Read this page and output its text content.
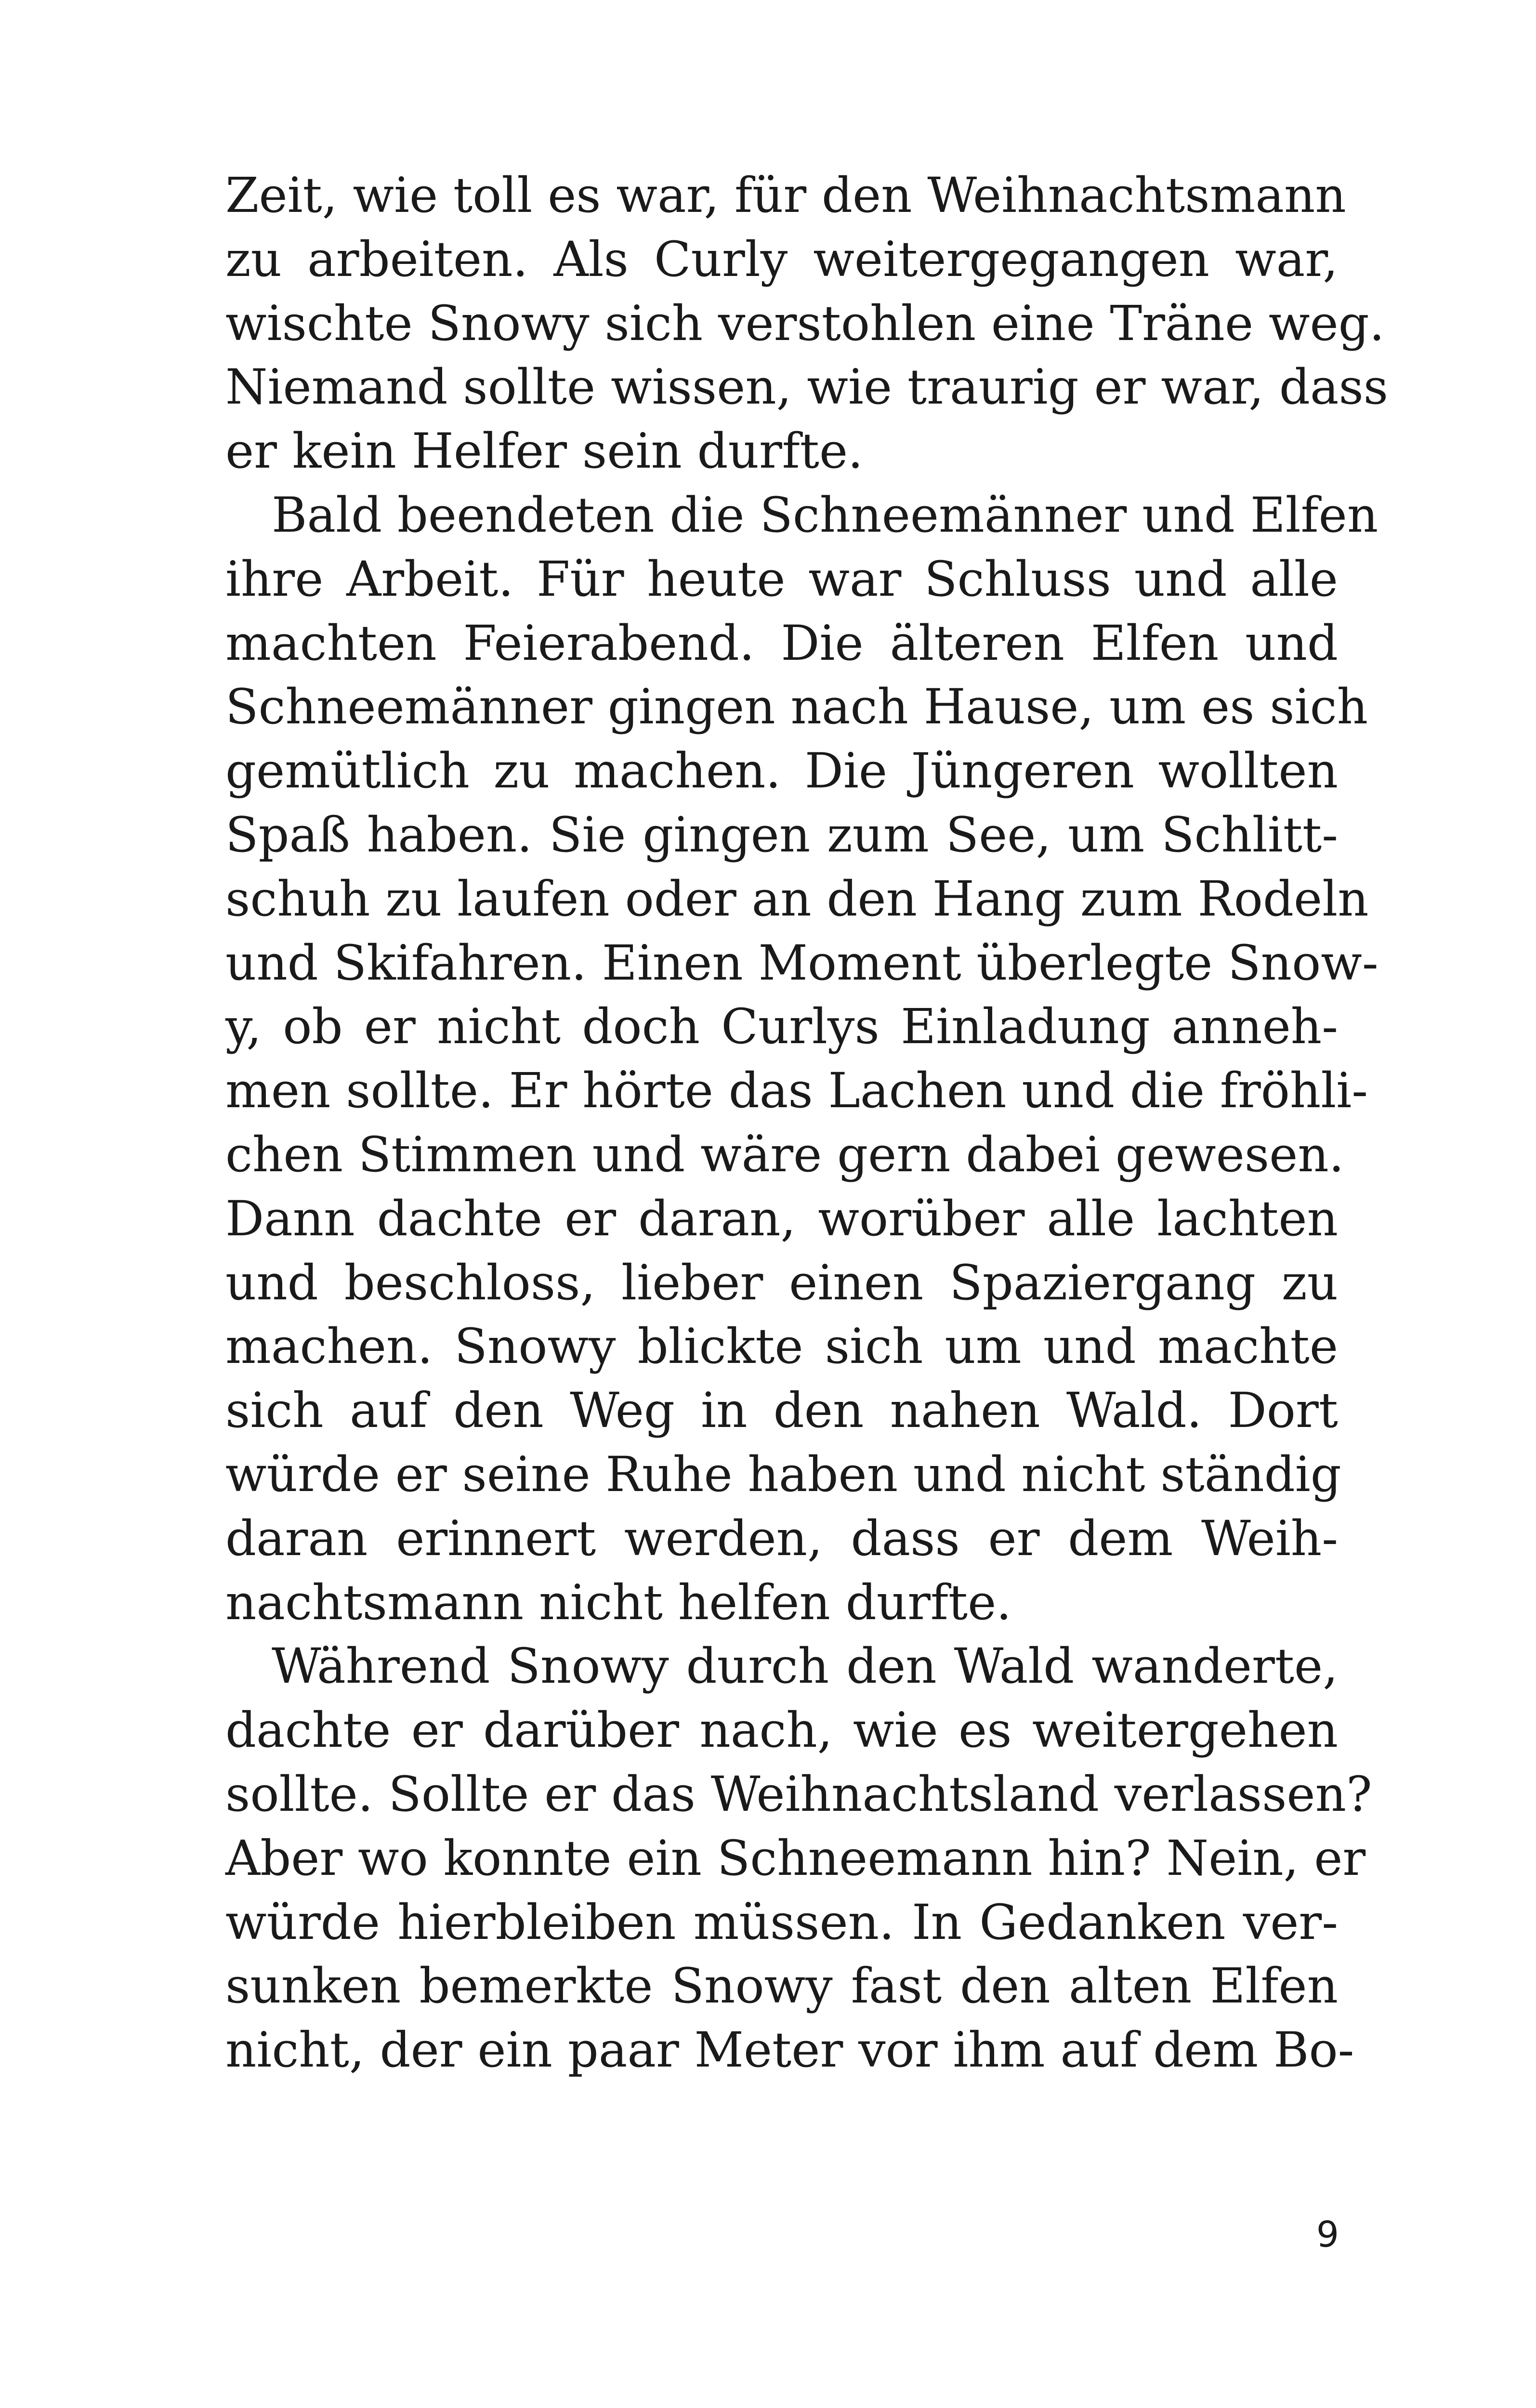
Zeit, wie toll es war, für den Weihnachtsmann
zu arbeiten. Als Curly weitergegangen war,
wischte Snowy sich verstohlen eine Träne weg.
Niemand sollte wissen, wie traurig er war, dass
er kein Helfer sein durfte.
Bald beendeten die Schneemänner und Elfen
ihre Arbeit. Für heute war Schluss und alle
machten Feierabend. Die älteren Elfen und
Schneemänner gingen nach Hause, um es sich
gemütlich zu machen. Die Jüngeren wollten
Spaß haben. Sie gingen zum See, um Schlitt-
schuh zu laufen oder an den Hang zum Rodeln
und Skifahren. Einen Moment überlegte Snow-
y, ob er nicht doch Curlys Einladung anneh-
men sollte. Er hörte das Lachen und die fröhli-
chen Stimmen und wäre gern dabei gewesen.
Dann dachte er daran, worüber alle lachten
und beschloss, lieber einen Spaziergang zu
machen. Snowy blickte sich um und machte
sich auf den Weg in den nahen Wald. Dort
würde er seine Ruhe haben und nicht ständig
daran erinnert werden, dass er dem Weih-
nachtsmann nicht helfen durfte.
Während Snowy durch den Wald wanderte,
dachte er darüber nach, wie es weitergehen
sollte. Sollte er das Weihnachtsland verlassen?
Aber wo konnte ein Schneemann hin? Nein, er
würde hierbleiben müssen. In Gedanken ver-
sunken bemerkte Snowy fast den alten Elfen
nicht, der ein paar Meter vor ihm auf dem Bo-
9
